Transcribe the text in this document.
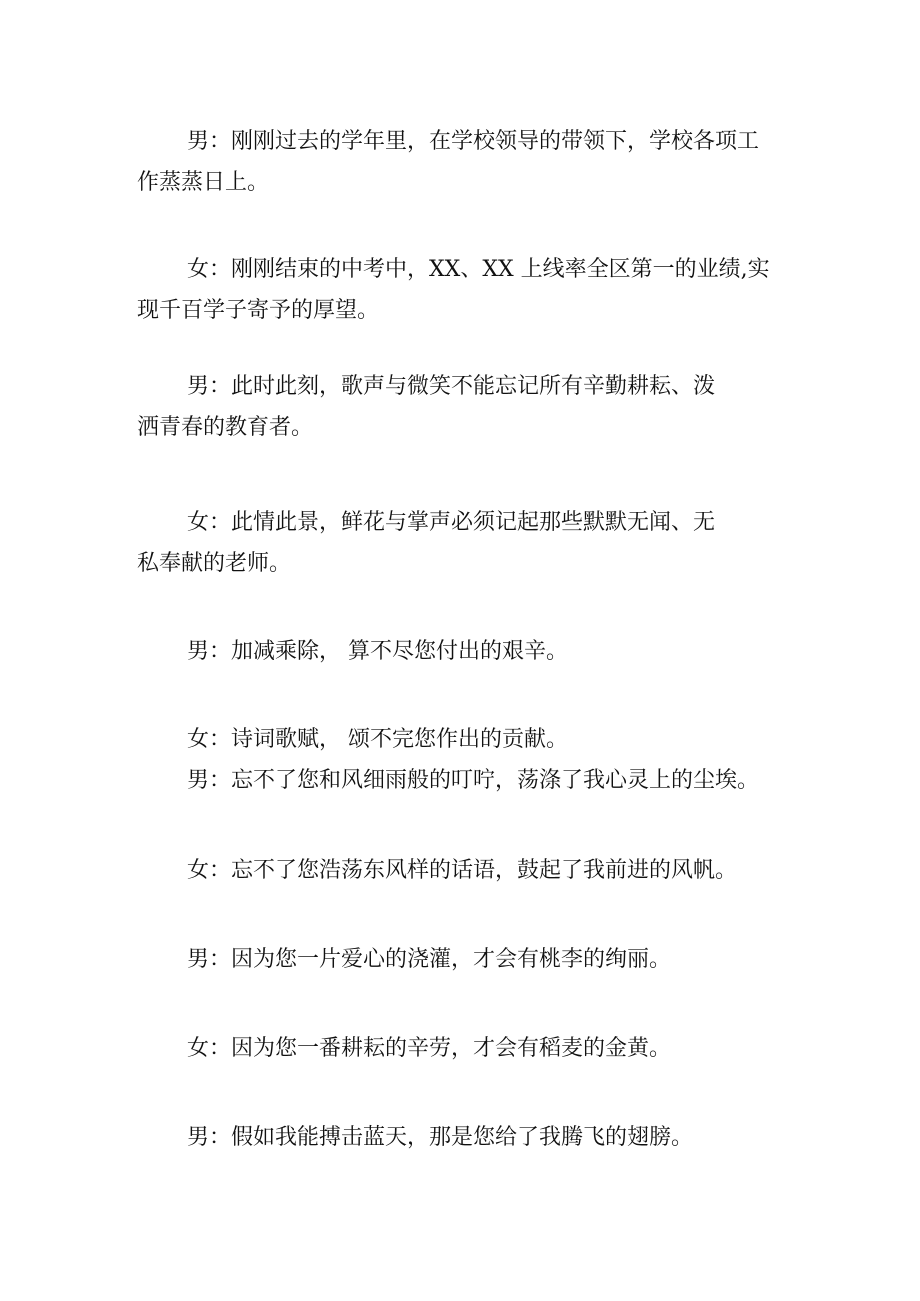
男：刚刚过去的学年里，在学校领导的带领下，学校各项工
作蒸蒸日上。

女：刚刚结束的中考中，XX、XX 上线率全区第一的业绩,实
现千百学子寄予的厚望。

男：此时此刻，歌声与微笑不能忘记所有辛勤耕耘、泼
洒青春的教育者。

女：此情此景，鲜花与掌声必须记起那些默默无闻、无
私奉献的老师。

男：加减乘除， 算不尽您付出的艰辛。

女：诗词歌赋， 颂不完您作出的贡献。

男：忘不了您和风细雨般的叮咛，荡涤了我心灵上的尘埃。

女：忘不了您浩荡东风样的话语，鼓起了我前进的风帆。

男：因为您一片爱心的浇灌，才会有桃李的绚丽。

女：因为您一番耕耘的辛劳，才会有稻麦的金黄。

男：假如我能搏击蓝天，那是您给了我腾飞的翅膀。
